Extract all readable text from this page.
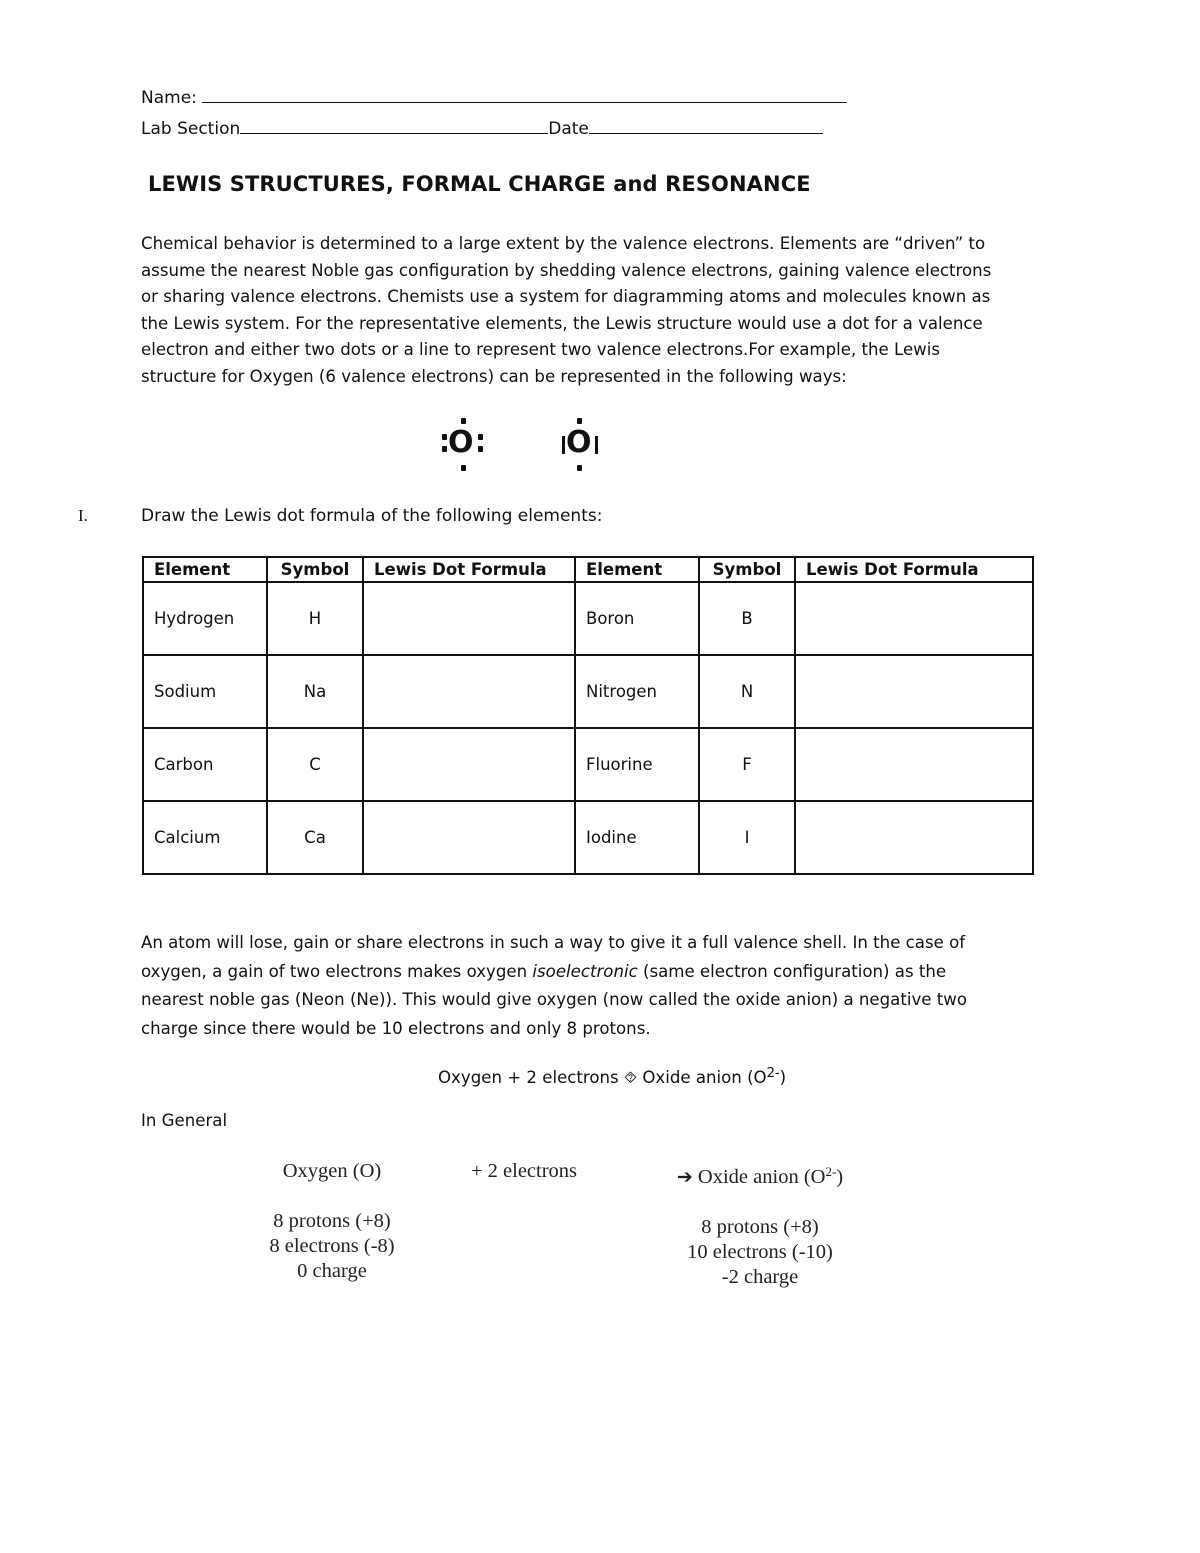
Name:
Lab Section	Date
LEWIS STRUCTURES, FORMAL CHARGE and RESONANCE

Chemical behavior is determined to a large extent by the valence electrons. Elements are “driven” to

assume the nearest Noble gas configuration by shedding valence electrons, gaining valence electrons

or sharing valence electrons. Chemists use a system for diagramming atoms and molecules known as

the Lewis system. For the representative elements, the Lewis structure would use a dot for a valence

electron and either two dots or a line to represent two valence electrons.For example, the Lewis

structure for Oxygen (6 valence electrons) can be represented in the following ways:

O	O
I.	Draw the Lewis dot formula of the following elements:
Element	Symbol	Lewis Dot Formula	Element	Symbol	Lewis Dot Formula
Hydrogen	H		Boron	B	
Sodium	Na		Nitrogen	N	
Carbon	C		Fluorine	F	
Calcium	Ca		Iodine	I	

An atom will lose, gain or share electrons in such a way to give it a full valence shell. In the case of

oxygen, a gain of two electrons makes oxygen isoelectronic (same electron configuration) as the

nearest noble gas (Neon (Ne)). This would give oxygen (now called the oxide anion) a negative two

charge since there would be 10 electrons and only 8 protons.

Oxygen + 2 electrons ⯑ Oxide anion $(O^{2-})$
In General
Oxygen (O)
8 protons (+8)
8 electrons (-8)
0 charge
+ 2 electrons	➔ Oxide anion $(O^{2-})$
8 protons (+8)
10 electrons (-10)
-2 charge
